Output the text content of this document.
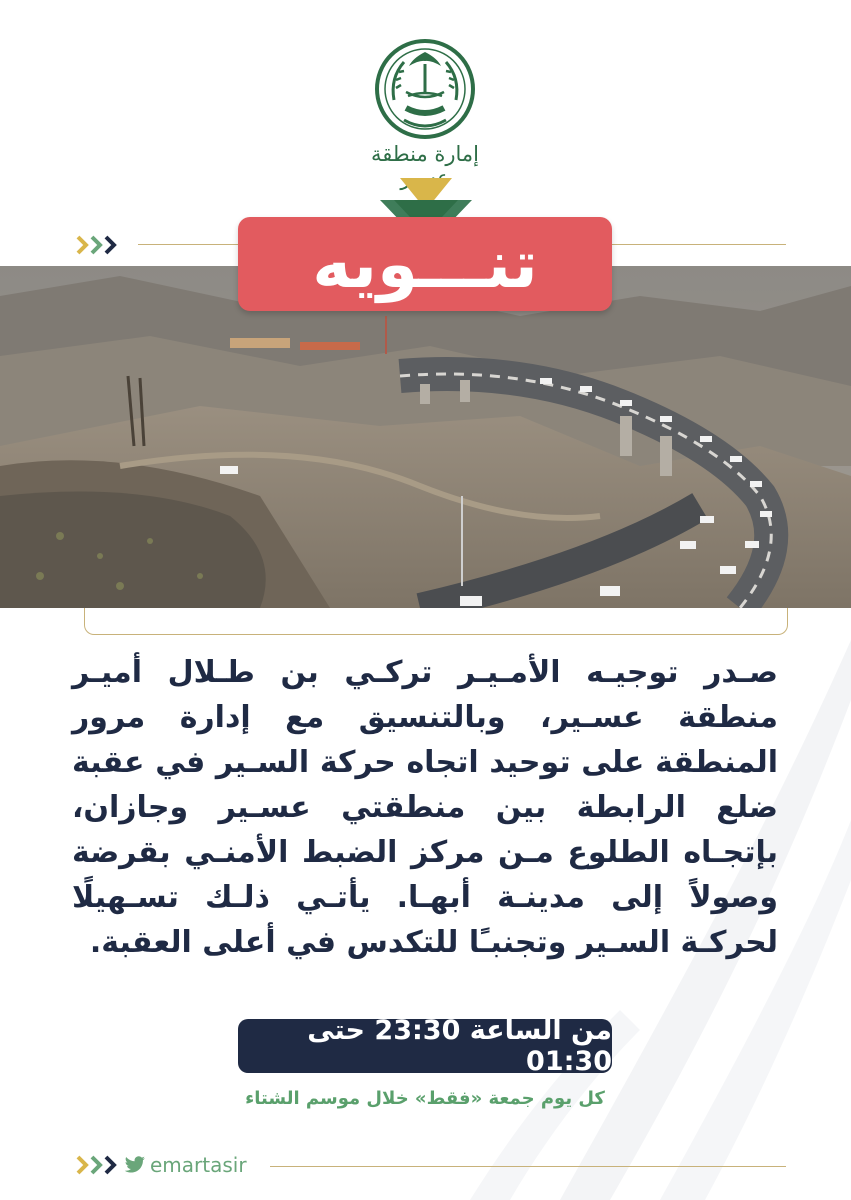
إمارة منطقة
تنـــويه
صـدر توجيـه الأمـيـر تركـي بن طـلال أميـر منطقة عسـير، وبالتنسيق مع إدارة مرور المنطقة على توحيد اتجاه حركة السـير في عقبة ضلع الرابطة بين منطقتي عسـير وجازان، بإتجـاه الطلوع مـن مركز الضبط الأمنـي بقرضة وصولاً إلى مدينـة أبهـا. يأتـي ذلـك تسـهيلًا لحركـة السـير وتجنبـًا للتكدس في أعلى العقبة.
من الساعة 23:30 حتى 01:30
كل يوم جمعة «فقط» خلال موسم الشتاء
emartasir
